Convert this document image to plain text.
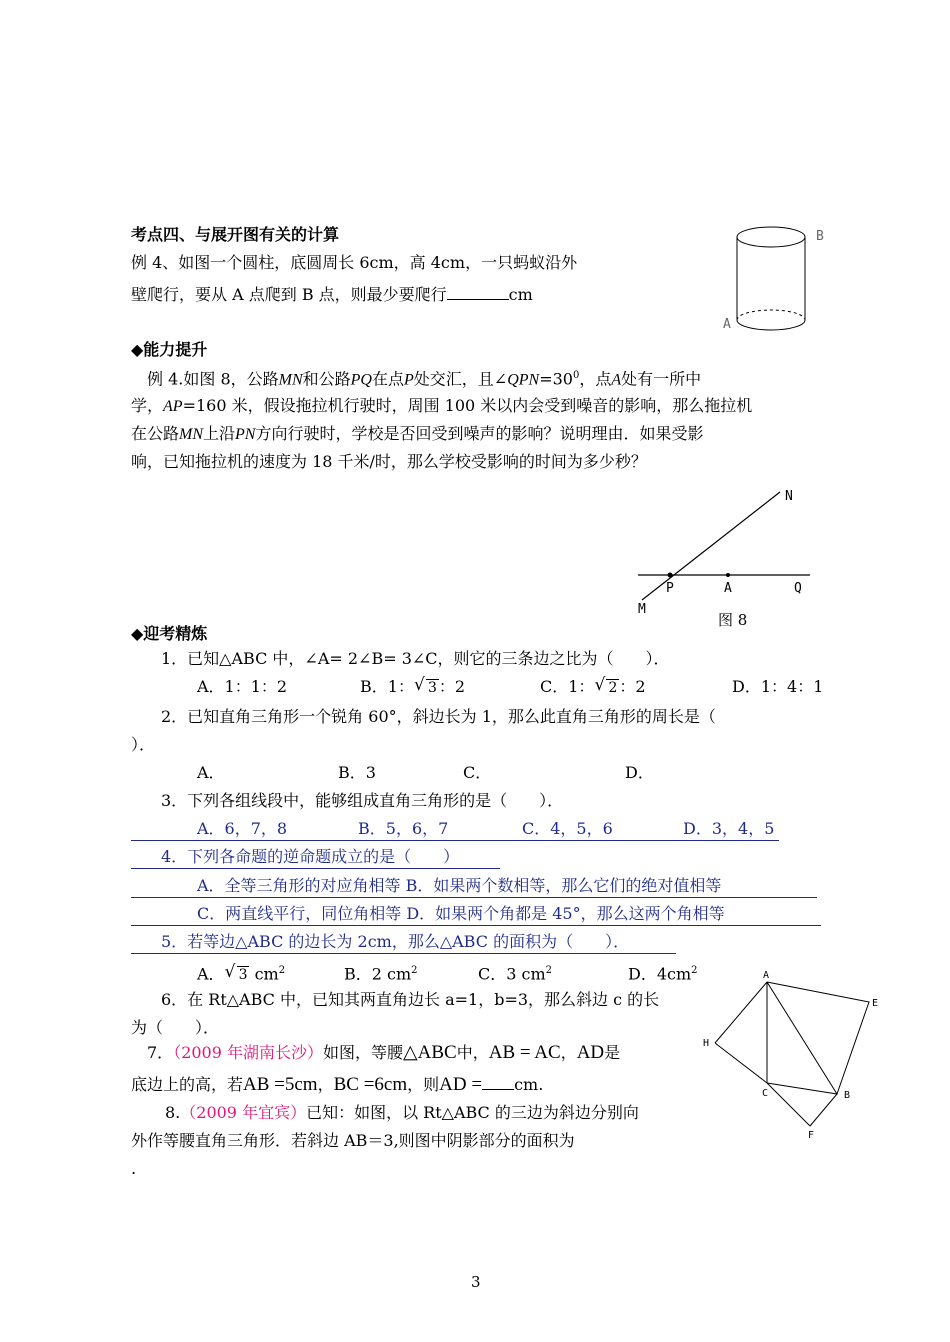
考点四、与展开图有关的计算
例 4、如图一个圆柱，底圆周长 6cm，高 4cm，一只蚂蚁沿外
壁爬行，要从 A 点爬到 B 点，则最少要爬行	cm
B
A
◆能力提升
例 4.如图 8，公路MN和公路PQ在点P处交汇，且$\angle QPN=30^0$，点A处有一所中
学，AP=160 米，假设拖拉机行驶时，周围 100 米以内会受到噪音的影响，那么拖拉机
在公路MN上沿PN方向行驶时，学校是否回受到噪声的影响？说明理由．如果受影
响，已知拖拉机的速度为 18 千米/时，那么学校受影响的时间为多少秒？
N
P	A	Q
M
图 8
◆迎考精炼
1．已知△ABC 中，∠A= 2∠B= 3∠C，则它的三条边之比为（　　）．
A．1：1：2	B．1： √ 3 ：2	C．1： √ 2 ：2	D．1：4：1
2．已知直角三角形一个锐角 60°，斜边长为 1，那么此直角三角形的周长是（
）．
A．	B．3	C．	D．
3．下列各组线段中，能够组成直角三角形的是（　　）．
A．6，7，8	B．5，6，7	C．4，5，6	D．3，4，5
4．下列各命题的逆命题成立的是（　　）
A．全等三角形的对应角相等 B．如果两个数相等，那么它们的绝对值相等
C．两直线平行，同位角相等 D．如果两个角都是 45°，那么这两个角相等
5．若等边△ABC 的边长为 2cm，那么△ABC 的面积为（　　）．
A． √ 3 $cm^2$	B．2 $cm^2$	C．3 $cm^2$	D．$4cm^2$
6．在 Rt△ABC 中，已知其两直角边长 a=1，b=3，那么斜边 c 的长
为（　　）．
7．（2009 年湖南长沙）如图，等腰△ABC中，AB = AC，AD是
底边上的高，若AB =5cm，BC =6cm，则AD = cm.
8.（2009 年宜宾）已知：如图，以 Rt△ABC 的三边为斜边分别向
外作等腰直角三角形．若斜边 AB＝3,则图中阴影部分的面积为
.
A
E
H
C	B
F
3
